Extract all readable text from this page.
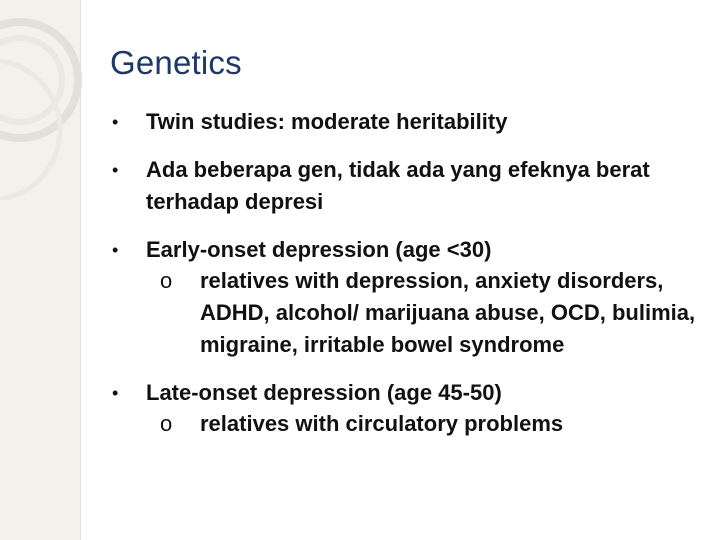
Genetics
• Twin studies: moderate heritability
• Ada beberapa gen, tidak ada yang efeknya berat terhadap depresi
• Early-onset depression (age <30)
o relatives with depression, anxiety disorders, ADHD, alcohol/ marijuana abuse, OCD, bulimia, migraine, irritable bowel syndrome
• Late-onset depression (age 45-50)
o relatives with circulatory problems
